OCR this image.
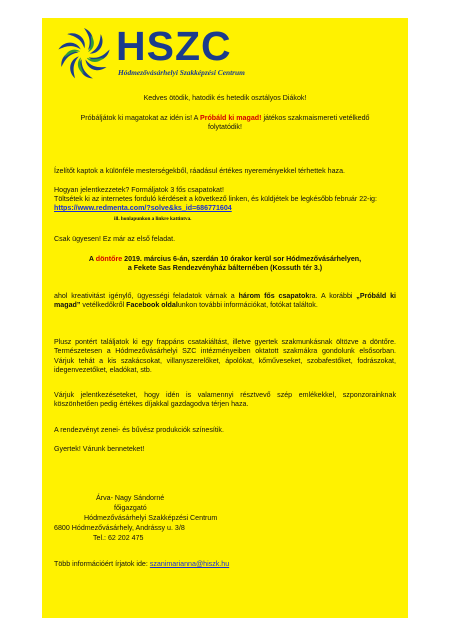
HSZC
Hódmezővásárhelyi Szakképzési Centrum

Kedves ötödik, hatodik és hetedik osztályos Diákok!

Próbáljátok ki magatokat az idén is! A Próbáld ki magad! játékos szakmaismereti vetélkedő folytatódik!

Ízelítőt kaptok a különféle mesterségekből, ráadásul értékes nyereményekkel térhettek haza.

Hogyan jelentkezzetek? Formáljatok 3 fős csapatokat!

Töltsétek ki az internetes forduló kérdéseit a következő linken, és küldjétek be legkésőbb február 22-ig: https://www.redmenta.com/?solve&ks_id=686771604

ill. honlapunkon a linkre kattintva.

Csak ügyesen! Ez már az első feladat.

A döntőre 2019. március 6-án, szerdán 10 órakor kerül sor Hódmezővásárhelyen,
a Fekete Sas Rendezvényház bálternében (Kossuth tér 3.)

ahol kreativitást igénylő, ügyességi feladatok várnak a három fős csapatokra. A korábbi „Próbáld ki magad” vetélkedőkről Facebook oldalunkon további információkat, fotókat találtok.

Plusz pontért találjatok ki egy frappáns csatakiáltást, illetve gyertek szakmunkásnak öltözve a döntőre. Természetesen a Hódmezővásárhelyi SZC intézményeiben oktatott szakmákra gondolunk elsősorban. Várjuk tehát a kis szakácsokat, villanyszerelőket, ápolókat, kőműveseket, szobafestőket, fodrászokat, idegenvezetőket, eladókat, stb.

Várjuk jelentkezéseteket, hogy idén is valamennyi résztvevő szép emlékekkel, szponzorainknak köszönhetően pedig értékes díjakkal gazdagodva térjen haza.

A rendezvényt zenei- és bűvész produkciók színesítik.

Gyertek! Várunk benneteket!

Árva- Nagy Sándorné

főigazgató

Hódmezővásárhelyi Szakképzési Centrum

6800 Hódmezővásárhely, Andrássy u. 3/8

Tel.: 62 202 475

Több információért írjatok ide: szanimarianna@hiszk.hu
